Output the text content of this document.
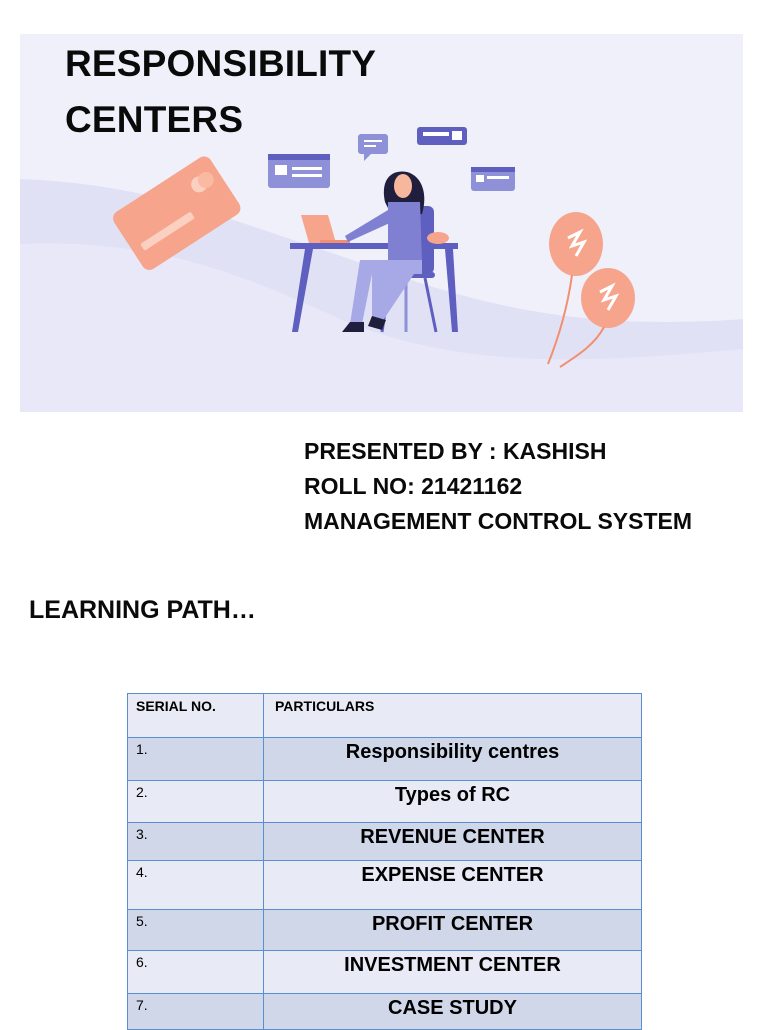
RESPONSIBILITY
CENTERS
PRESENTED BY : KASHISH
ROLL NO: 21421162
MANAGEMENT CONTROL SYSTEM
LEARNING PATH…
SERIAL NO.	PARTICULARS

1.	Responsibility centres

2.	Types of RC

3.	REVENUE CENTER

4.	EXPENSE CENTER

5.	PROFIT CENTER

6.	INVESTMENT CENTER

7.	CASE STUDY
